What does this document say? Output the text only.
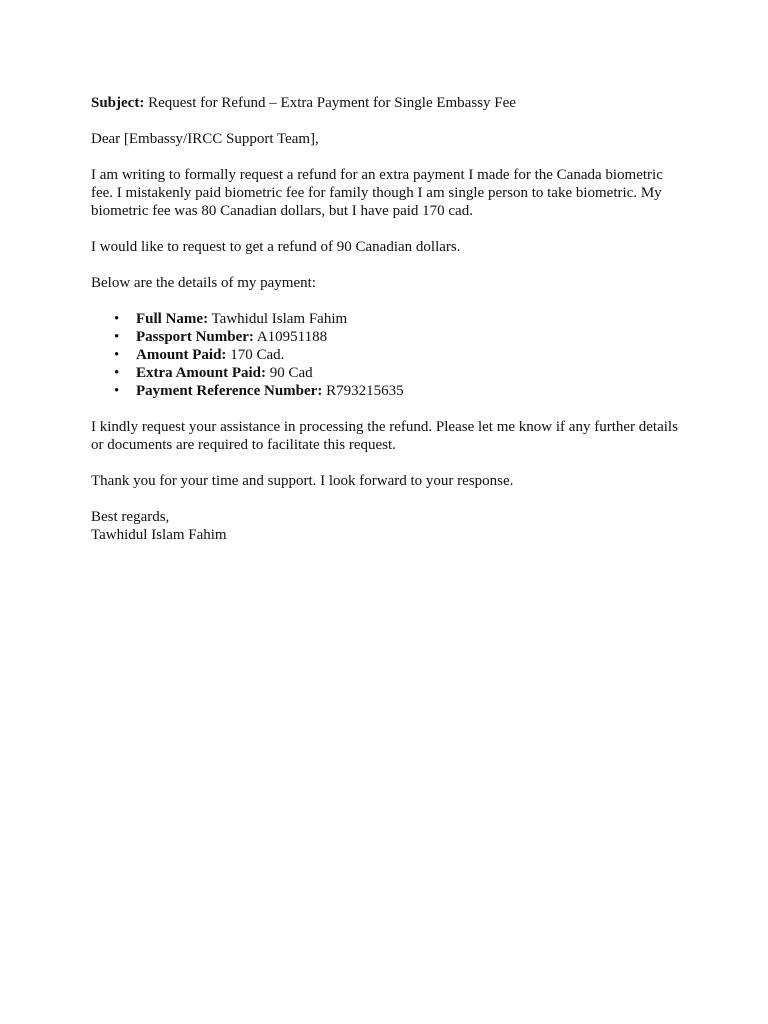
Subject: Request for Refund – Extra Payment for Single Embassy Fee

Dear [Embassy/IRCC Support Team],

I am writing to formally request a refund for an extra payment I made for the Canada biometric fee. I mistakenly paid biometric fee for family though I am single person to take biometric. My biometric fee was 80 Canadian dollars, but I have paid 170 cad.

I would like to request to get a refund of 90 Canadian dollars.

Below are the details of my payment:

• Full Name: Tawhidul Islam Fahim
• Passport Number: A10951188
• Amount Paid: 170 Cad.
• Extra Amount Paid: 90 Cad
• Payment Reference Number: R793215635

I kindly request your assistance in processing the refund. Please let me know if any further details or documents are required to facilitate this request.

Thank you for your time and support. I look forward to your response.

Best regards,

Tawhidul Islam Fahim
